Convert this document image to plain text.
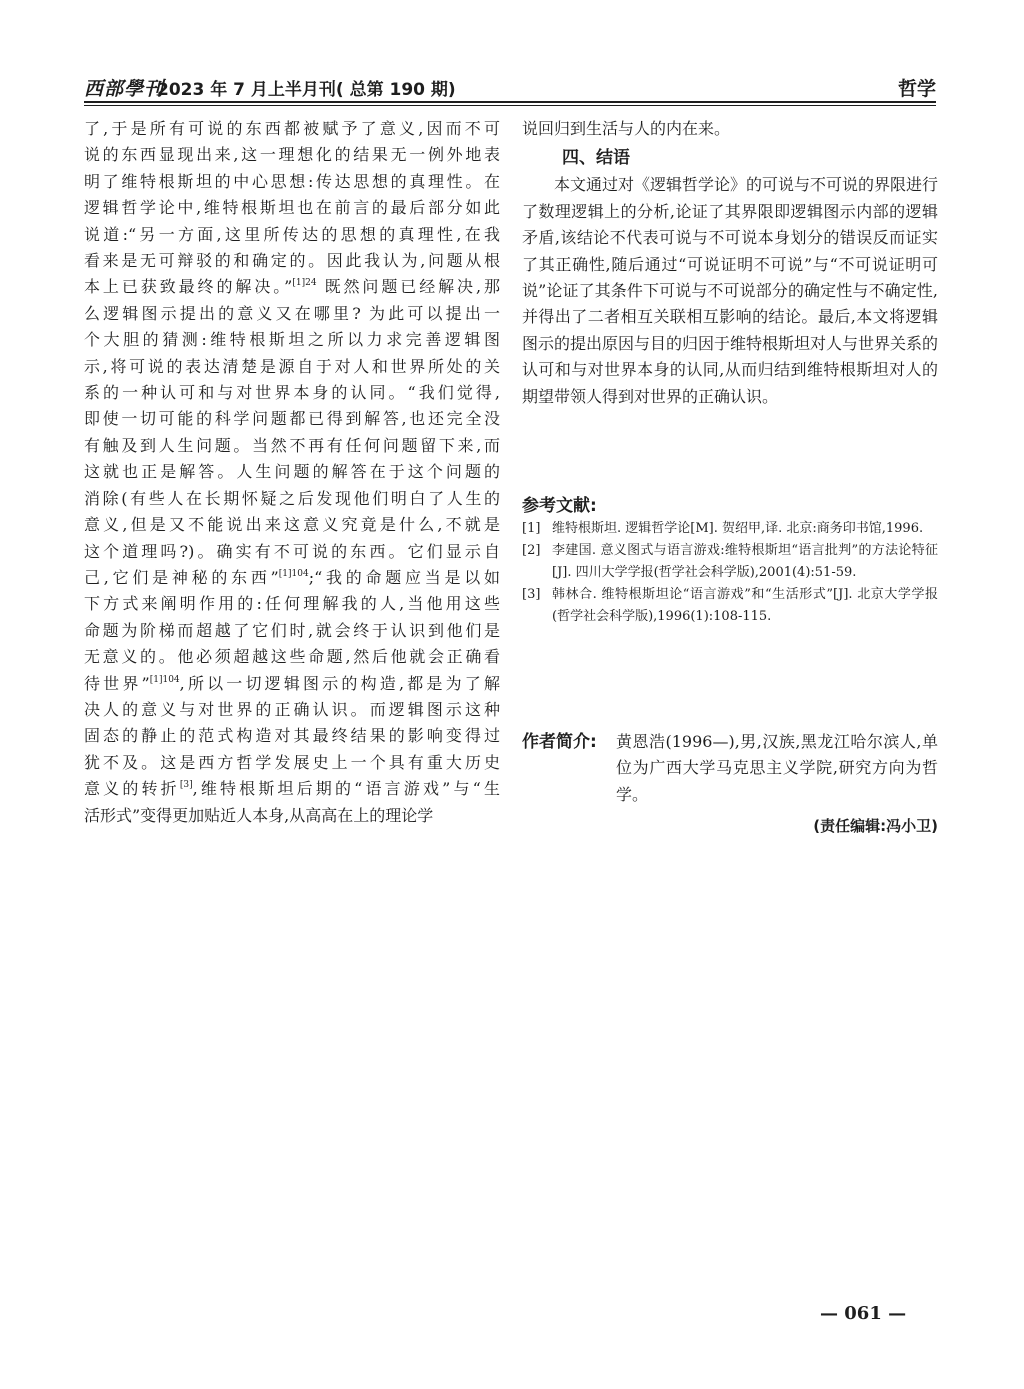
西部學刊
2023 年 7 月上半月刊( 总第 190 期)	哲学
了,于是所有可说的东西都被赋予了意义,因而不可
说的东西显现出来,这一理想化的结果无一例外地表
明了维特根斯坦的中心思想:传达思想的真理性。在
逻辑哲学论中,维特根斯坦也在前言的最后部分如此
说道:“另一方面,这里所传达的思想的真理性,在我
看来是无可辩驳的和确定的。因此我认为,问题从根
本上已获致最终的解决。”$^{[1]24}$ 既然问题已经解决,那
么逻辑图示提出的意义又在哪里? 为此可以提出一
个大胆的猜测:维特根斯坦之所以力求完善逻辑图
示,将可说的表达清楚是源自于对人和世界所处的关
系的一种认可和与对世界本身的认同。“我们觉得,
即使一切可能的科学问题都已得到解答,也还完全没
有触及到人生问题。当然不再有任何问题留下来,而
这就也正是解答。人生问题的解答在于这个问题的
消除(有些人在长期怀疑之后发现他们明白了人生的
意义,但是又不能说出来这意义究竟是什么,不就是
这个道理吗?)。确实有不可说的东西。它们显示自
己,它们是神秘的东西”$^{[1]104}$;“我的命题应当是以如
下方式来阐明作用的:任何理解我的人,当他用这些
命题为阶梯而超越了它们时,就会终于认识到他们是
无意义的。他必须超越这些命题,然后他就会正确看
待世界”$^{[1]104}$,所以一切逻辑图示的构造,都是为了解
决人的意义与对世界的正确认识。而逻辑图示这种
固态的静止的范式构造对其最终结果的影响变得过
犹不及。这是西方哲学发展史上一个具有重大历史
意义的转折[3],维特根斯坦后期的“语言游戏”与“生
活形式”变得更加贴近人本身,从高高在上的理论学

说回归到生活与人的内在来。

四、结语

本文通过对《逻辑哲学论》的可说与不可说的界限进行了数理逻辑上的分析,论证了其界限即逻辑图示内部的逻辑矛盾,该结论不代表可说与不可说本身划分的错误反而证实了其正确性,随后通过“可说证明不可说”与“不可说证明可说”论证了其条件下可说与不可说部分的确定性与不确定性,并得出了二者相互关联相互影响的结论。最后,本文将逻辑图示的提出原因与目的归因于维特根斯坦对人与世界关系的认可和与对世界本身的认同,从而归结到维特根斯坦对人的期望带领人得到对世界的正确认识。

参考文献:
[1] 维特根斯坦. 逻辑哲学论[M]. 贺绍甲,译. 北京:商务印书馆,1996.
[2] 李建国. 意义图式与语言游戏:维特根斯坦“语言批判”的方法论特征[J]. 四川大学学报(哲学社会科学版),2001(4):51-59.
[3] 韩林合. 维特根斯坦论“语言游戏”和“生活形式”[J]. 北京大学学报(哲学社会科学版),1996(1):108-115.
作者简介: 黄恩浩(1996—),男,汉族,黑龙江哈尔滨人,单位为广西大学马克思主义学院,研究方向为哲学。
(责任编辑:冯小卫)
— 061 —
